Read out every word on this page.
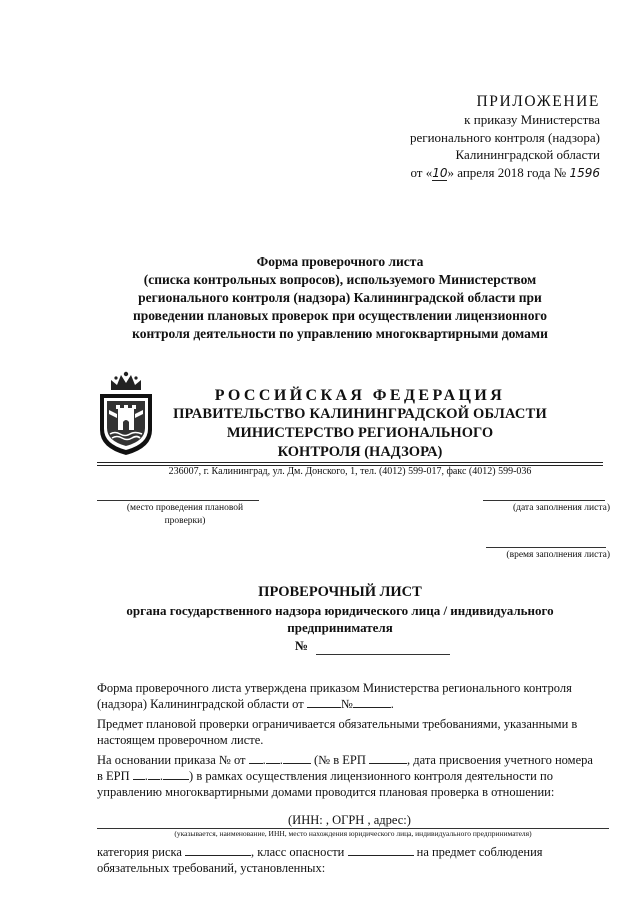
ПРИЛОЖЕНИЕ
к приказу Министерства
регионального контроля (надзора)
Калининградской области
от «10» апреля 2018 года № 1596
Форма проверочного листа
(списка контрольных вопросов), используемого Министерством
регионального контроля (надзора) Калининградской области при
проведении плановых проверок при осуществлении лицензионного
контроля деятельности по управлению многоквартирными домами
РОССИЙСКАЯ ФЕДЕРАЦИЯ
ПРАВИТЕЛЬСТВО КАЛИНИНГРАДСКОЙ ОБЛАСТИ
МИНИСТЕРСТВО РЕГИОНАЛЬНОГО
КОНТРОЛЯ (НАДЗОРА)
236007, г. Калининград, ул. Дм. Донского, 1, тел. (4012) 599-017, факс (4012) 599-036
(место проведения плановой
проверки)
(дата заполнения листа)
(время заполнения листа)
ПРОВЕРОЧНЫЙ ЛИСТ
органа государственного надзора юридического лица / индивидуального
предпринимателя
№
Форма проверочного листа утверждена приказом Министерства регионального контроля
(надзора) Калининградской области от	№	.
Предмет плановой проверки ограничивается обязательными требованиями, указанными в
настоящем проверочном листе.
На основании приказа № от . . (№ в ЕРП	, дата присвоения учетного номера
в ЕРП . . ) в рамках осуществления лицензионного контроля деятельности по
управлению многоквартирными домами проводится плановая проверка в отношении:
(ИНН: , ОГРН , адрес:)
(указывается, наименование, ИНН, место нахождения юридического лица, индивидуального предпринимателя)
категория риска	, класс опасности	на предмет соблюдения
обязательных требований, установленных:
